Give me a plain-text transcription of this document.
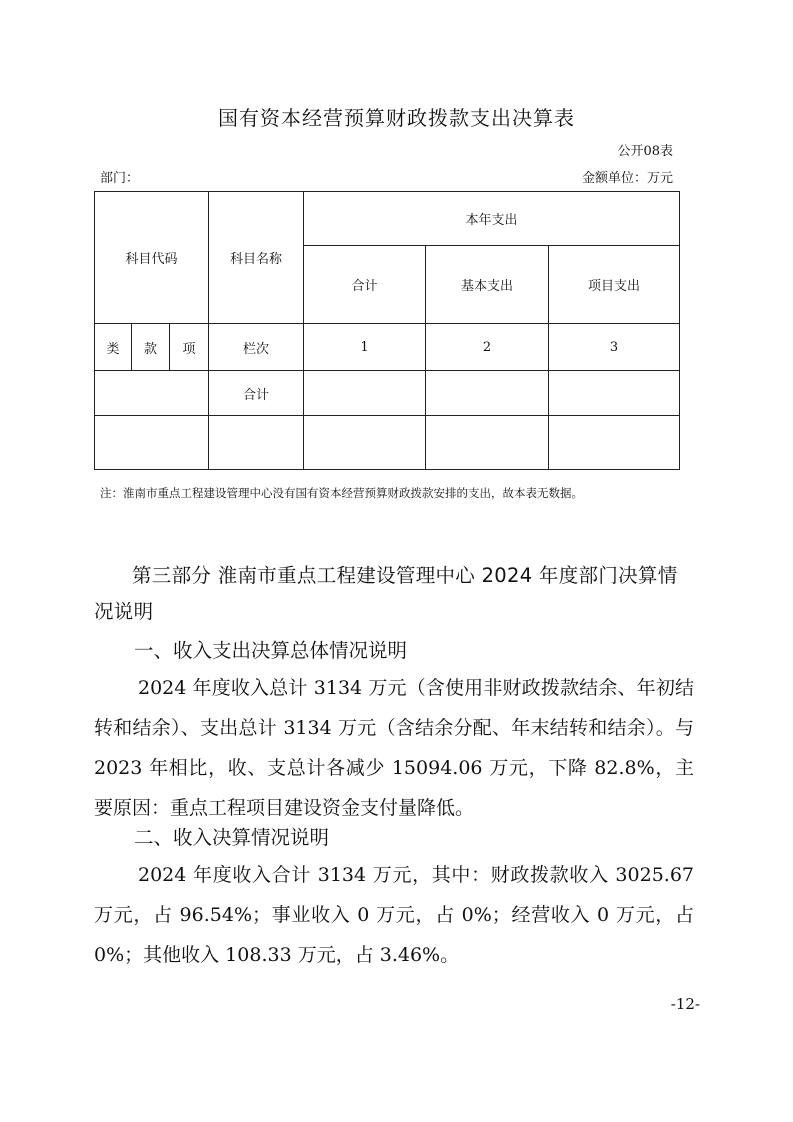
国有资本经营预算财政拨款支出决算表
公开08表
部门：	金额单位：万元
科目代码			科目名称	本年支出		
				合计	基本支出	项目支出
类	款	项	栏次	1	2	3
			合计			

注：淮南市重点工程建设管理中心没有国有资本经营预算财政拨款安排的支出，故本表无数据。
第三部分 淮南市重点工程建设管理中心 2024 年度部门决算情况说明
一、收入支出决算总体情况说明
2024 年度收入总计 3134 万元（含使用非财政拨款结余、年初结转和结余）、支出总计 3134 万元（含结余分配、年末结转和结余）。与 2023 年相比，收、支总计各减少 15094.06 万元，下降 82.8%，主要原因：重点工程项目建设资金支付量降低。
二、收入决算情况说明
2024 年度收入合计 3134 万元，其中：财政拨款收入 3025.67 万元，占 96.54%；事业收入 0 万元，占 0%；经营收入 0 万元，占 0%；其他收入 108.33 万元，占 3.46%。
-12-
